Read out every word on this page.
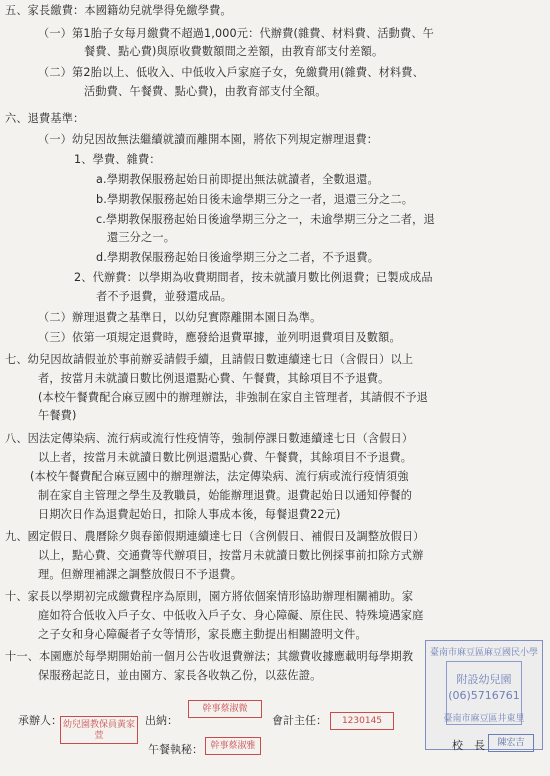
五、家長繳費：本國籍幼兒就學得免繳學費。
（一）第1胎子女每月繳費不超過1,000元：代辦費(雜費、材料費、活動費、午
餐費、點心費)與原收費數額間之差額，由教育部支付差額。
（二）第2胎以上、低收入、中低收入戶家庭子女，免繳費用(雜費、材料費、
活動費、午餐費、點心費)，由教育部支付全額。
六、退費基準：
（一）幼兒因故無法繼續就讀而離開本園，將依下列規定辦理退費：
1、學費、雜費：
a.學期教保服務起始日前即提出無法就讀者，全數退還。
b.學期教保服務起始日後未逾學期三分之一者，退還三分之二。
c.學期教保服務起始日後逾學期三分之一，未逾學期三分之二者，退
還三分之一。
d.學期教保服務起始日後逾學期三分之二者，不予退費。
2、代辦費：以學期為收費期間者，按未就讀月數比例退費；已製成成品
者不予退費，並發還成品。
（二）辦理退費之基準日，以幼兒實際離開本園日為準。
（三）依第一項規定退費時，應發給退費單據，並列明退費項目及數額。
七、幼兒因故請假並於事前辦妥請假手續，且請假日數連續達七日（含假日）以上
者，按當月未就讀日數比例退還點心費、午餐費，其餘項目不予退費。
(本校午餐費配合麻豆國中的辦理辦法，非強制在家自主管理者，其請假不予退
午餐費)
八、因法定傳染病、流行病或流行性疫情等，強制停課日數連續達七日（含假日）
以上者，按當月未就讀日數比例退還點心費、午餐費，其餘項目不予退費。
(本校午餐費配合麻豆國中的辦理辦法，法定傳染病、流行病或流行疫情須強
制在家自主管理之學生及教職員，始能辦理退費。退費起始日以通知停餐的
日期次日作為退費起始日，扣除人事成本後，每餐退費22元)
九、國定假日、農曆除夕與春節假期連續達七日（含例假日、補假日及調整放假日）
以上，點心費、交通費等代辦項目，按當月未就讀日數比例採事前扣除方式辦
理。但辦理補課之調整放假日不予退費。
十、家長以學期初完成繳費程序為原則，園方將依個案情形協助辦理相關補助。家
庭如符合低收入戶子女、中低收入戶子女、身心障礙、原住民、特殊境遇家庭
之子女和身心障礙者子女等情形，家長應主動提出相關證明文件。
十一、本園應於每學期開始前一個月公告收退費辦法；其繳費收據應載明每學期教
保服務起訖日，並由園方、家長各收執乙份，以茲佐證。
承辦人： 幼兒園教保員黃家萱
出納：
幹事蔡淑微
會計主任：	1230145
午餐執秘： 幹事蔡淑雅
臺南市麻豆區麻豆國民小學
附設幼兒園
(06)5716761
臺南市麻豆區井東里
校　長	陳宏吉
